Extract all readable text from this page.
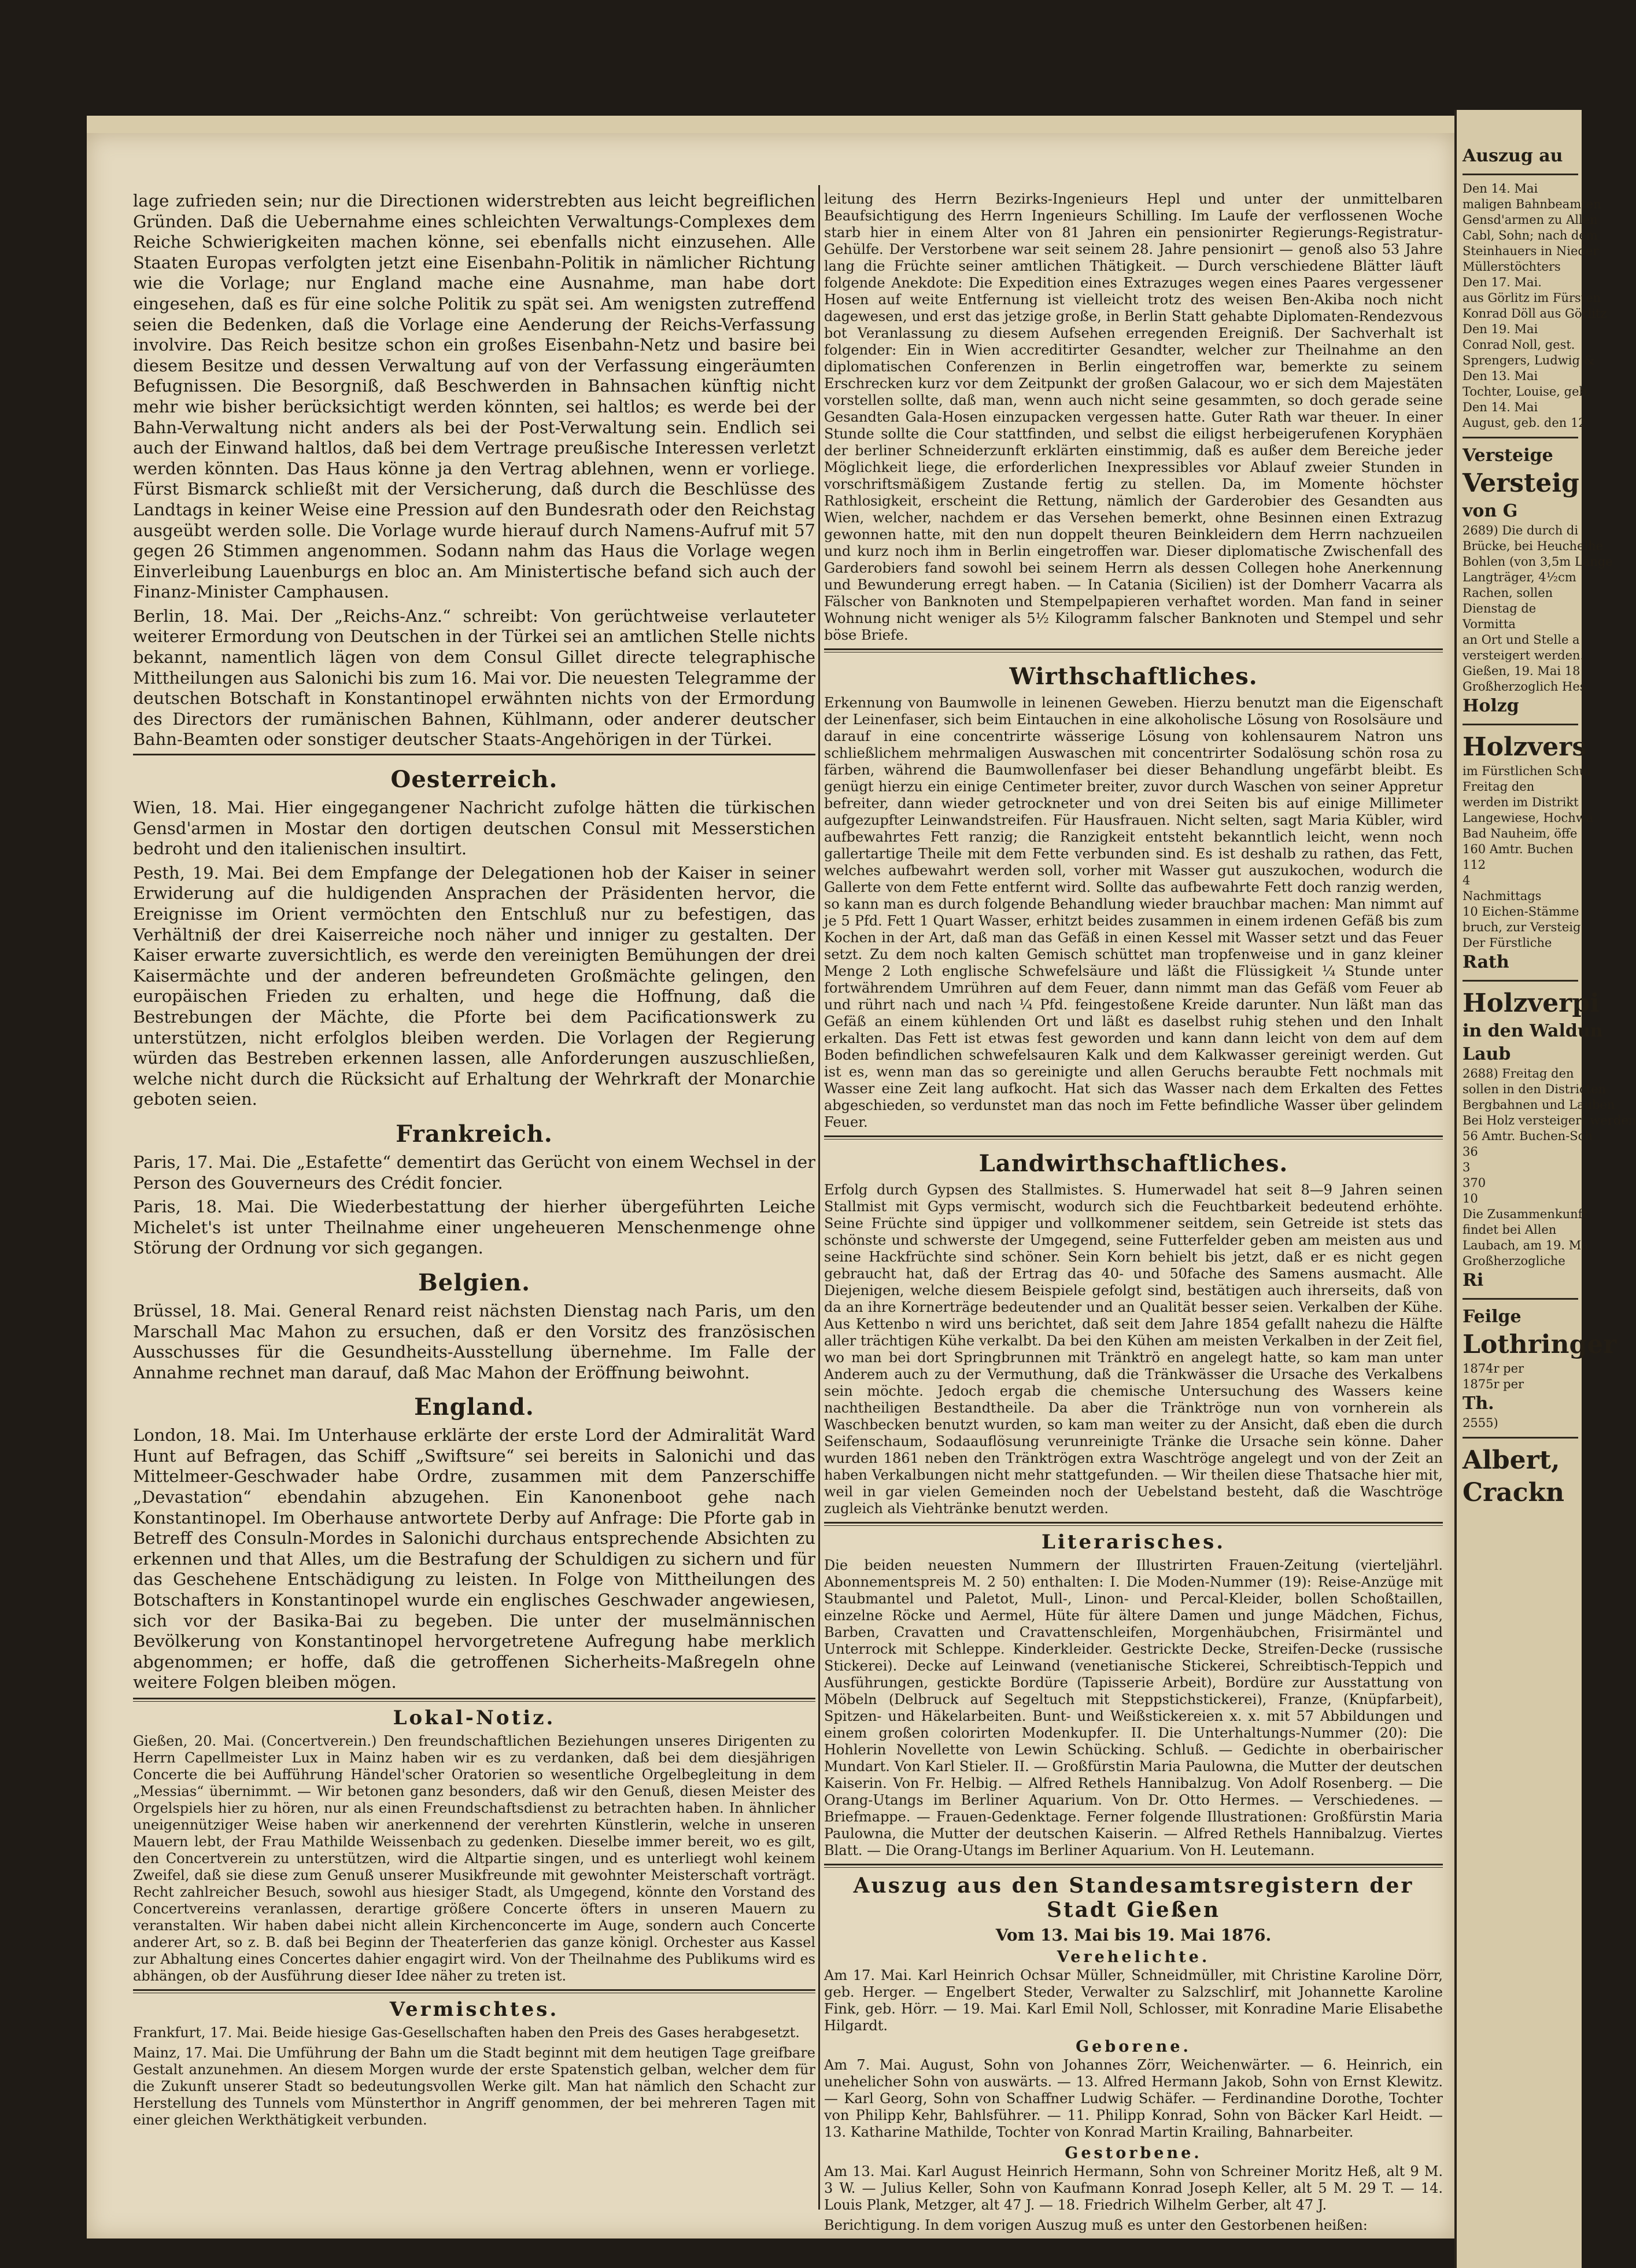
lage zufrieden sein; nur die Directionen widerstrebten aus leicht begreiflichen Gründen. Daß die Uebernahme eines schleichten Verwaltungs-Complexes dem Reiche Schwierigkeiten machen könne, sei ebenfalls nicht einzusehen. Alle Staaten Europas verfolgten jetzt eine Eisenbahn-Politik in nämlicher Richtung wie die Vorlage; nur England mache eine Ausnahme, man habe dort eingesehen, daß es für eine solche Politik zu spät sei. Am wenigsten zutreffend seien die Bedenken, daß die Vorlage eine Aenderung der Reichs-Verfassung involvire. Das Reich besitze schon ein großes Eisenbahn-Netz und basire bei diesem Besitze und dessen Verwaltung auf von der Verfassung eingeräumten Befugnissen. Die Besorgniß, daß Beschwerden in Bahnsachen künftig nicht mehr wie bisher berücksichtigt werden könnten, sei haltlos; es werde bei der Bahn-Verwaltung nicht anders als bei der Post-Verwaltung sein. Endlich sei auch der Einwand haltlos, daß bei dem Vertrage preußische Interessen verletzt werden könnten. Das Haus könne ja den Vertrag ablehnen, wenn er vorliege. Fürst Bismarck schließt mit der Versicherung, daß durch die Beschlüsse des Landtags in keiner Weise eine Pression auf den Bundesrath oder den Reichstag ausgeübt werden solle. Die Vorlage wurde hierauf durch Namens-Aufruf mit 57 gegen 26 Stimmen angenommen. Sodann nahm das Haus die Vorlage wegen Einverleibung Lauenburgs en bloc an. Am Ministertische befand sich auch der Finanz-Minister Camphausen.

Berlin, 18. Mai. Der „Reichs-Anz.“ schreibt: Von gerüchtweise verlauteter weiterer Ermordung von Deutschen in der Türkei sei an amtlichen Stelle nichts bekannt, namentlich lägen von dem Consul Gillet directe telegraphische Mittheilungen aus Salonichi bis zum 16. Mai vor. Die neuesten Telegramme der deutschen Botschaft in Konstantinopel erwähnten nichts von der Ermordung des Directors der rumänischen Bahnen, Kühlmann, oder anderer deutscher Bahn-Beamten oder sonstiger deutscher Staats-Angehörigen in der Türkei.

Oesterreich.

Wien, 18. Mai. Hier eingegangener Nachricht zufolge hätten die türkischen Gensd'armen in Mostar den dortigen deutschen Consul mit Messerstichen bedroht und den italienischen insultirt.

Pesth, 19. Mai. Bei dem Empfange der Delegationen hob der Kaiser in seiner Erwiderung auf die huldigenden Ansprachen der Präsidenten hervor, die Ereignisse im Orient vermöchten den Entschluß nur zu befestigen, das Verhältniß der drei Kaiserreiche noch näher und inniger zu gestalten. Der Kaiser erwarte zuversichtlich, es werde den vereinigten Bemühungen der drei Kaisermächte und der anderen befreundeten Großmächte gelingen, den europäischen Frieden zu erhalten, und hege die Hoffnung, daß die Bestrebungen der Mächte, die Pforte bei dem Pacificationswerk zu unterstützen, nicht erfolglos bleiben werden. Die Vorlagen der Regierung würden das Bestreben erkennen lassen, alle Anforderungen auszuschließen, welche nicht durch die Rücksicht auf Erhaltung der Wehrkraft der Monarchie geboten seien.

Frankreich.

Paris, 17. Mai. Die „Estafette“ dementirt das Gerücht von einem Wechsel in der Person des Gouverneurs des Crédit foncier.

Paris, 18. Mai. Die Wiederbestattung der hierher übergeführten Leiche Michelet's ist unter Theilnahme einer ungeheueren Menschenmenge ohne Störung der Ordnung vor sich gegangen.

Belgien.

Brüssel, 18. Mai. General Renard reist nächsten Dienstag nach Paris, um den Marschall Mac Mahon zu ersuchen, daß er den Vorsitz des französischen Ausschusses für die Gesundheits-Ausstellung übernehme. Im Falle der Annahme rechnet man darauf, daß Mac Mahon der Eröffnung beiwohnt.

England.

London, 18. Mai. Im Unterhause erklärte der erste Lord der Admiralität Ward Hunt auf Befragen, das Schiff „Swiftsure“ sei bereits in Salonichi und das Mittelmeer-Geschwader habe Ordre, zusammen mit dem Panzerschiffe „Devastation“ ebendahin abzugehen. Ein Kanonenboot gehe nach Konstantinopel. Im Oberhause antwortete Derby auf Anfrage: Die Pforte gab in Betreff des Consuln-Mordes in Salonichi durchaus entsprechende Absichten zu erkennen und that Alles, um die Bestrafung der Schuldigen zu sichern und für das Geschehene Entschädigung zu leisten. In Folge von Mittheilungen des Botschafters in Konstantinopel wurde ein englisches Geschwader angewiesen, sich vor der Basika-Bai zu begeben. Die unter der muselmännischen Bevölkerung von Konstantinopel hervorgetretene Aufregung habe merklich abgenommen; er hoffe, daß die getroffenen Sicherheits-Maßregeln ohne weitere Folgen bleiben mögen.

Lokal-Notiz.

Gießen, 20. Mai. (Concertverein.) Den freundschaftlichen Beziehungen unseres Dirigenten zu Herrn Capellmeister Lux in Mainz haben wir es zu verdanken, daß bei dem diesjährigen Concerte die bei Aufführung Händel'scher Oratorien so wesentliche Orgelbegleitung in dem „Messias“ übernimmt. — Wir betonen ganz besonders, daß wir den Genuß, diesen Meister des Orgelspiels hier zu hören, nur als einen Freundschaftsdienst zu betrachten haben. In ähnlicher uneigennütziger Weise haben wir anerkennend der verehrten Künstlerin, welche in unseren Mauern lebt, der Frau Mathilde Weissenbach zu gedenken. Dieselbe immer bereit, wo es gilt, den Concertverein zu unterstützen, wird die Altpartie singen, und es unterliegt wohl keinem Zweifel, daß sie diese zum Genuß unserer Musikfreunde mit gewohnter Meisterschaft vorträgt. Recht zahlreicher Besuch, sowohl aus hiesiger Stadt, als Umgegend, könnte den Vorstand des Concertvereins veranlassen, derartige größere Concerte öfters in unseren Mauern zu veranstalten. Wir haben dabei nicht allein Kirchenconcerte im Auge, sondern auch Concerte anderer Art, so z. B. daß bei Beginn der Theaterferien das ganze königl. Orchester aus Kassel zur Abhaltung eines Concertes dahier engagirt wird. Von der Theilnahme des Publikums wird es abhängen, ob der Ausführung dieser Idee näher zu treten ist.

Vermischtes.

Frankfurt, 17. Mai. Beide hiesige Gas-Gesellschaften haben den Preis des Gases herabgesetzt.

Mainz, 17. Mai. Die Umführung der Bahn um die Stadt beginnt mit dem heutigen Tage greifbare Gestalt anzunehmen. An diesem Morgen wurde der erste Spatenstich gelban, welcher dem für die Zukunft unserer Stadt so bedeutungsvollen Werke gilt. Man hat nämlich den Schacht zur Herstellung des Tunnels vom Münsterthor in Angriff genommen, der bei mehreren Tagen mit einer gleichen Werkthätigkeit verbunden.

leitung des Herrn Bezirks-Ingenieurs Hepl und unter der unmittelbaren Beaufsichtigung des Herrn Ingenieurs Schilling. Im Laufe der verflossenen Woche starb hier in einem Alter von 81 Jahren ein pensionirter Regierungs-Registratur-Gehülfe. Der Verstorbene war seit seinem 28. Jahre pensionirt — genoß also 53 Jahre lang die Früchte seiner amtlichen Thätigkeit. — Durch verschiedene Blätter läuft folgende Anekdote: Die Expedition eines Extrazuges wegen eines Paares vergessener Hosen auf weite Entfernung ist vielleicht trotz des weisen Ben-Akiba noch nicht dagewesen, und erst das jetzige große, in Berlin Statt gehabte Diplomaten-Rendezvous bot Veranlassung zu diesem Aufsehen erregenden Ereigniß. Der Sachverhalt ist folgender: Ein in Wien accreditirter Gesandter, welcher zur Theilnahme an den diplomatischen Conferenzen in Berlin eingetroffen war, bemerkte zu seinem Erschrecken kurz vor dem Zeitpunkt der großen Galacour, wo er sich dem Majestäten vorstellen sollte, daß man, wenn auch nicht seine gesammten, so doch gerade seine Gesandten Gala-Hosen einzupacken vergessen hatte. Guter Rath war theuer. In einer Stunde sollte die Cour stattfinden, und selbst die eiligst herbeigerufenen Koryphäen der berliner Schneiderzunft erklärten einstimmig, daß es außer dem Bereiche jeder Möglichkeit liege, die erforderlichen Inexpressibles vor Ablauf zweier Stunden in vorschriftsmäßigem Zustande fertig zu stellen. Da, im Momente höchster Rathlosigkeit, erscheint die Rettung, nämlich der Garderobier des Gesandten aus Wien, welcher, nachdem er das Versehen bemerkt, ohne Besinnen einen Extrazug gewonnen hatte, mit den nun doppelt theuren Beinkleidern dem Herrn nachzueilen und kurz noch ihm in Berlin eingetroffen war. Dieser diplomatische Zwischenfall des Garderobiers fand sowohl bei seinem Herrn als dessen Collegen hohe Anerkennung und Bewunderung erregt haben. — In Catania (Sicilien) ist der Domherr Vacarra als Fälscher von Banknoten und Stempelpapieren verhaftet worden. Man fand in seiner Wohnung nicht weniger als 5½ Kilogramm falscher Banknoten und Stempel und sehr böse Briefe.

Wirthschaftliches.

Erkennung von Baumwolle in leinenen Geweben. Hierzu benutzt man die Eigenschaft der Leinenfaser, sich beim Eintauchen in eine alkoholische Lösung von Rosolsäure und darauf in eine concentrirte wässerige Lösung von kohlensaurem Natron uns schließlichem mehrmaligen Auswaschen mit concentrirter Sodalösung schön rosa zu färben, während die Baumwollenfaser bei dieser Behandlung ungefärbt bleibt. Es genügt hierzu ein einige Centimeter breiter, zuvor durch Waschen von seiner Appretur befreiter, dann wieder getrockneter und von drei Seiten bis auf einige Millimeter aufgezupfter Leinwandstreifen. Für Hausfrauen. Nicht selten, sagt Maria Kübler, wird aufbewahrtes Fett ranzig; die Ranzigkeit entsteht bekanntlich leicht, wenn noch gallertartige Theile mit dem Fette verbunden sind. Es ist deshalb zu rathen, das Fett, welches aufbewahrt werden soll, vorher mit Wasser gut auszukochen, wodurch die Gallerte von dem Fette entfernt wird. Sollte das aufbewahrte Fett doch ranzig werden, so kann man es durch folgende Behandlung wieder brauchbar machen: Man nimmt auf je 5 Pfd. Fett 1 Quart Wasser, erhitzt beides zusammen in einem irdenen Gefäß bis zum Kochen in der Art, daß man das Gefäß in einen Kessel mit Wasser setzt und das Feuer setzt. Zu dem noch kalten Gemisch schüttet man tropfenweise und in ganz kleiner Menge 2 Loth englische Schwefelsäure und läßt die Flüssigkeit ¼ Stunde unter fortwährendem Umrühren auf dem Feuer, dann nimmt man das Gefäß vom Feuer ab und rührt nach und nach ¼ Pfd. feingestoßene Kreide darunter. Nun läßt man das Gefäß an einem kühlenden Ort und läßt es daselbst ruhig stehen und den Inhalt erkalten. Das Fett ist etwas fest geworden und kann dann leicht von dem auf dem Boden befindlichen schwefelsauren Kalk und dem Kalkwasser gereinigt werden. Gut ist es, wenn man das so gereinigte und allen Geruchs beraubte Fett nochmals mit Wasser eine Zeit lang aufkocht. Hat sich das Wasser nach dem Erkalten des Fettes abgeschieden, so verdunstet man das noch im Fette befindliche Wasser über gelindem Feuer.

Landwirthschaftliches.

Erfolg durch Gypsen des Stallmistes. S. Humerwadel hat seit 8—9 Jahren seinen Stallmist mit Gyps vermischt, wodurch sich die Feuchtbarkeit bedeutend erhöhte. Seine Früchte sind üppiger und vollkommener seitdem, sein Getreide ist stets das schönste und schwerste der Umgegend, seine Futterfelder geben am meisten aus und seine Hackfrüchte sind schöner. Sein Korn behielt bis jetzt, daß er es nicht gegen gebraucht hat, daß der Ertrag das 40- und 50fache des Samens ausmacht. Alle Diejenigen, welche diesem Beispiele gefolgt sind, bestätigen auch ihrerseits, daß von da an ihre Kornerträge bedeutender und an Qualität besser seien. Verkalben der Kühe. Aus Kettenbo n wird uns berichtet, daß seit dem Jahre 1854 gefallt nahezu die Hälfte aller trächtigen Kühe verkalbt. Da bei den Kühen am meisten Verkalben in der Zeit fiel, wo man bei dort Springbrunnen mit Tränktrö en angelegt hatte, so kam man unter Anderem auch zu der Vermuthung, daß die Tränkwässer die Ursache des Verkalbens sein möchte. Jedoch ergab die chemische Untersuchung des Wassers keine nachtheiligen Bestandtheile. Da aber die Tränktröge nun von vornherein als Waschbecken benutzt wurden, so kam man weiter zu der Ansicht, daß eben die durch Seifenschaum, Sodaauflösung verunreinigte Tränke die Ursache sein könne. Daher wurden 1861 neben den Tränktrögen extra Waschtröge angelegt und von der Zeit an haben Verkalbungen nicht mehr stattgefunden. — Wir theilen diese Thatsache hier mit, weil in gar vielen Gemeinden noch der Uebelstand besteht, daß die Waschtröge zugleich als Viehtränke benutzt werden.

Literarisches.

Die beiden neuesten Nummern der Illustrirten Frauen-Zeitung (vierteljährl. Abonnementspreis M. 2 50) enthalten: I. Die Moden-Nummer (19): Reise-Anzüge mit Staubmantel und Paletot, Mull-, Linon- und Percal-Kleider, bollen Schoßtaillen, einzelne Röcke und Aermel, Hüte für ältere Damen und junge Mädchen, Fichus, Barben, Cravatten und Cravattenschleifen, Morgenhäubchen, Frisirmäntel und Unterrock mit Schleppe. Kinderkleider. Gestrickte Decke, Streifen-Decke (russische Stickerei). Decke auf Leinwand (venetianische Stickerei, Schreibtisch-Teppich und Ausführungen, gestickte Bordüre (Tapisserie Arbeit), Bordüre zur Ausstattung von Möbeln (Delbruck auf Segeltuch mit Steppstichstickerei), Franze, (Knüpfarbeit), Spitzen- und Häkelarbeiten. Bunt- und Weißstickereien x. x. mit 57 Abbildungen und einem großen colorirten Modenkupfer. II. Die Unterhaltungs-Nummer (20): Die Hohlerin Novellette von Lewin Schücking. Schluß. — Gedichte in oberbairischer Mundart. Von Karl Stieler. II. — Großfürstin Maria Paulowna, die Mutter der deutschen Kaiserin. Von Fr. Helbig. — Alfred Rethels Hannibalzug. Von Adolf Rosenberg. — Die Orang-Utangs im Berliner Aquarium. Von Dr. Otto Hermes. — Verschiedenes. — Briefmappe. — Frauen-Gedenktage. Ferner folgende Illustrationen: Großfürstin Maria Paulowna, die Mutter der deutschen Kaiserin. — Alfred Rethels Hannibalzug. Viertes Blatt. — Die Orang-Utangs im Berliner Aquarium. Von H. Leutemann.

Auszug aus den Standesamtsregistern der Stadt Gießen
Vom 13. Mai bis 19. Mai 1876.
Verehelichte.

Am 17. Mai. Karl Heinrich Ochsar Müller, Schneidmüller, mit Christine Karoline Dörr, geb. Herger. — Engelbert Steder, Verwalter zu Salzschlirf, mit Johannette Karoline Fink, geb. Hörr. — 19. Mai. Karl Emil Noll, Schlosser, mit Konradine Marie Elisabethe Hilgardt.

Geborene.

Am 7. Mai. August, Sohn von Johannes Zörr, Weichenwärter. — 6. Heinrich, ein unehelicher Sohn von auswärts. — 13. Alfred Hermann Jakob, Sohn von Ernst Klewitz. — Karl Georg, Sohn von Schaffner Ludwig Schäfer. — Ferdinandine Dorothe, Tochter von Philipp Kehr, Bahlsführer. — 11. Philipp Konrad, Sohn von Bäcker Karl Heidt. — 13. Katharine Mathilde, Tochter von Konrad Martin Krailing, Bahnarbeiter.

Gestorbene.

Am 13. Mai. Karl August Heinrich Hermann, Sohn von Schreiner Moritz Heß, alt 9 M. 3 W. — Julius Keller, Sohn von Kaufmann Konrad Joseph Keller, alt 5 M. 29 T. — 14. Louis Plank, Metzger, alt 47 J. — 18. Friedrich Wilhelm Gerber, alt 47 J.

Berichtigung. In dem vorigen Auszug muß es unter den Gestorbenen heißen:

Auszug au
Den 14. Mai
maligen Bahnbeamten
Gensd'armen zu Allen
Cabl, Sohn; nach dem
Steinhauers in Nieder
Müllerstöchters
Den 17. Mai.
aus Görlitz im Fürsten
Konrad Döll aus Görlitz
Den 19. Mai
Conrad Noll, gest.
Sprengers, Ludwig &
Den 13. Mai
Tochter, Louise, geb.
Den 14. Mai
August, geb. den 12
Versteige
Versteig
von G
2689) Die durch di
Brücke, bei Heuchelhe
Bohlen (von 3,5m Länge
Langträger, 4½cm
Rachen, sollen
Dienstag de
Vormitta
an Ort und Stelle a
versteigert werden.
Gießen, 19. Mai 18
Großherzoglich Hes
Holzg
Holzvers
im Fürstlichen Schul
Freitag den
werden im Distrikt
Langewiese, Hochwa
Bad Nauheim, öffe
160 Amtr. Buchen
112
4
Nachmittags
10 Eichen-Stämme
bruch, zur Versteig
Der Fürstliche
Rath
Holzverpi
in den Waldun
Laub
2688) Freitag den
sollen in den Districten
Bergbahnen und Lauben
Bei Holz versteigert werden
56 Amtr. Buchen-Sch
36
3
370
10
Die Zusammenkunft
findet bei Allen
Laubach, am 19. Ma
Großherzogliche
Ri
Feilge
Lothringer
1874r per
1875r per
Th.
2555)
Albert,
Crackn
